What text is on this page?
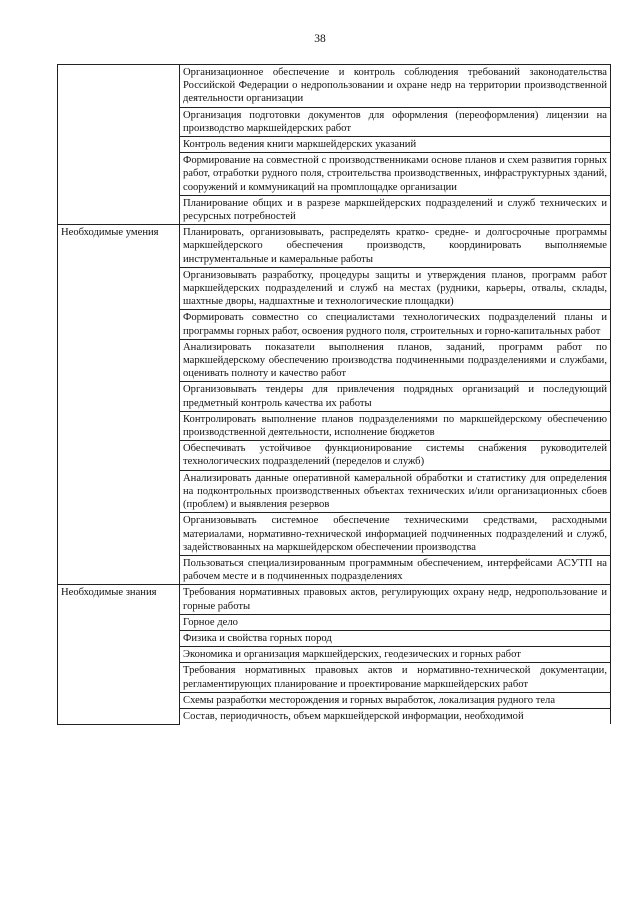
38
	Организационное обеспечение и контроль соблюдения требований законодательства Российской Федерации о недропользовании и охране недр на территории производственной деятельности организации
	Организация подготовки документов для оформления (переоформления) лицензии на производство маркшейдерских работ
	Контроль ведения книги маркшейдерских указаний
	Формирование на совместной с производственниками основе планов и схем развития горных работ, отработки рудного поля, строительства производственных, инфраструктурных зданий, сооружений и коммуникаций на промплощадке организации
	Планирование общих и в разрезе маркшейдерских подразделений и служб технических и ресурсных потребностей
Необходимые умения	Планировать, организовывать, распределять кратко- средне- и долгосрочные программы маркшейдерского обеспечения производств, координировать выполняемые инструментальные и камеральные работы
	Организовывать разработку, процедуры защиты и утверждения планов, программ работ маркшейдерских подразделений и служб на местах (рудники, карьеры, отвалы, склады, шахтные дворы, надшахтные и технологические площадки)
	Формировать совместно со специалистами технологических подразделений планы и программы горных работ, освоения рудного поля, строительных и горно-капитальных работ
	Анализировать показатели выполнения планов, заданий, программ работ по маркшейдерскому обеспечению производства подчиненными подразделениями и службами, оценивать полноту и качество работ
	Организовывать тендеры для привлечения подрядных организаций и последующий предметный контроль качества их работы
	Контролировать выполнение планов подразделениями по маркшейдерскому обеспечению производственной деятельности, исполнение бюджетов
	Обеспечивать устойчивое функционирование системы снабжения руководителей технологических подразделений (переделов и служб)
	Анализировать данные оперативной камеральной обработки и статистику для определения на подконтрольных производственных объектах технических и/или организационных сбоев (проблем) и выявления резервов
	Организовывать системное обеспечение техническими средствами, расходными материалами, нормативно-технической информацией подчиненных подразделений и служб, задействованных на маркшейдерском обеспечении производства
	Пользоваться специализированным программным обеспечением, интерфейсами АСУТП на рабочем месте и в подчиненных подразделениях
Необходимые знания	Требования нормативных правовых актов, регулирующих охрану недр, недропользование и горные работы
	Горное дело
	Физика и свойства горных пород
	Экономика и организация маркшейдерских, геодезических и горных работ
	Требования нормативных правовых актов и нормативно-технической документации, регламентирующих планирование и проектирование маркшейдерских работ
	Схемы разработки месторождения и горных выработок, локализация рудного тела
	Состав, периодичность, объем маркшейдерской информации, необходимой
